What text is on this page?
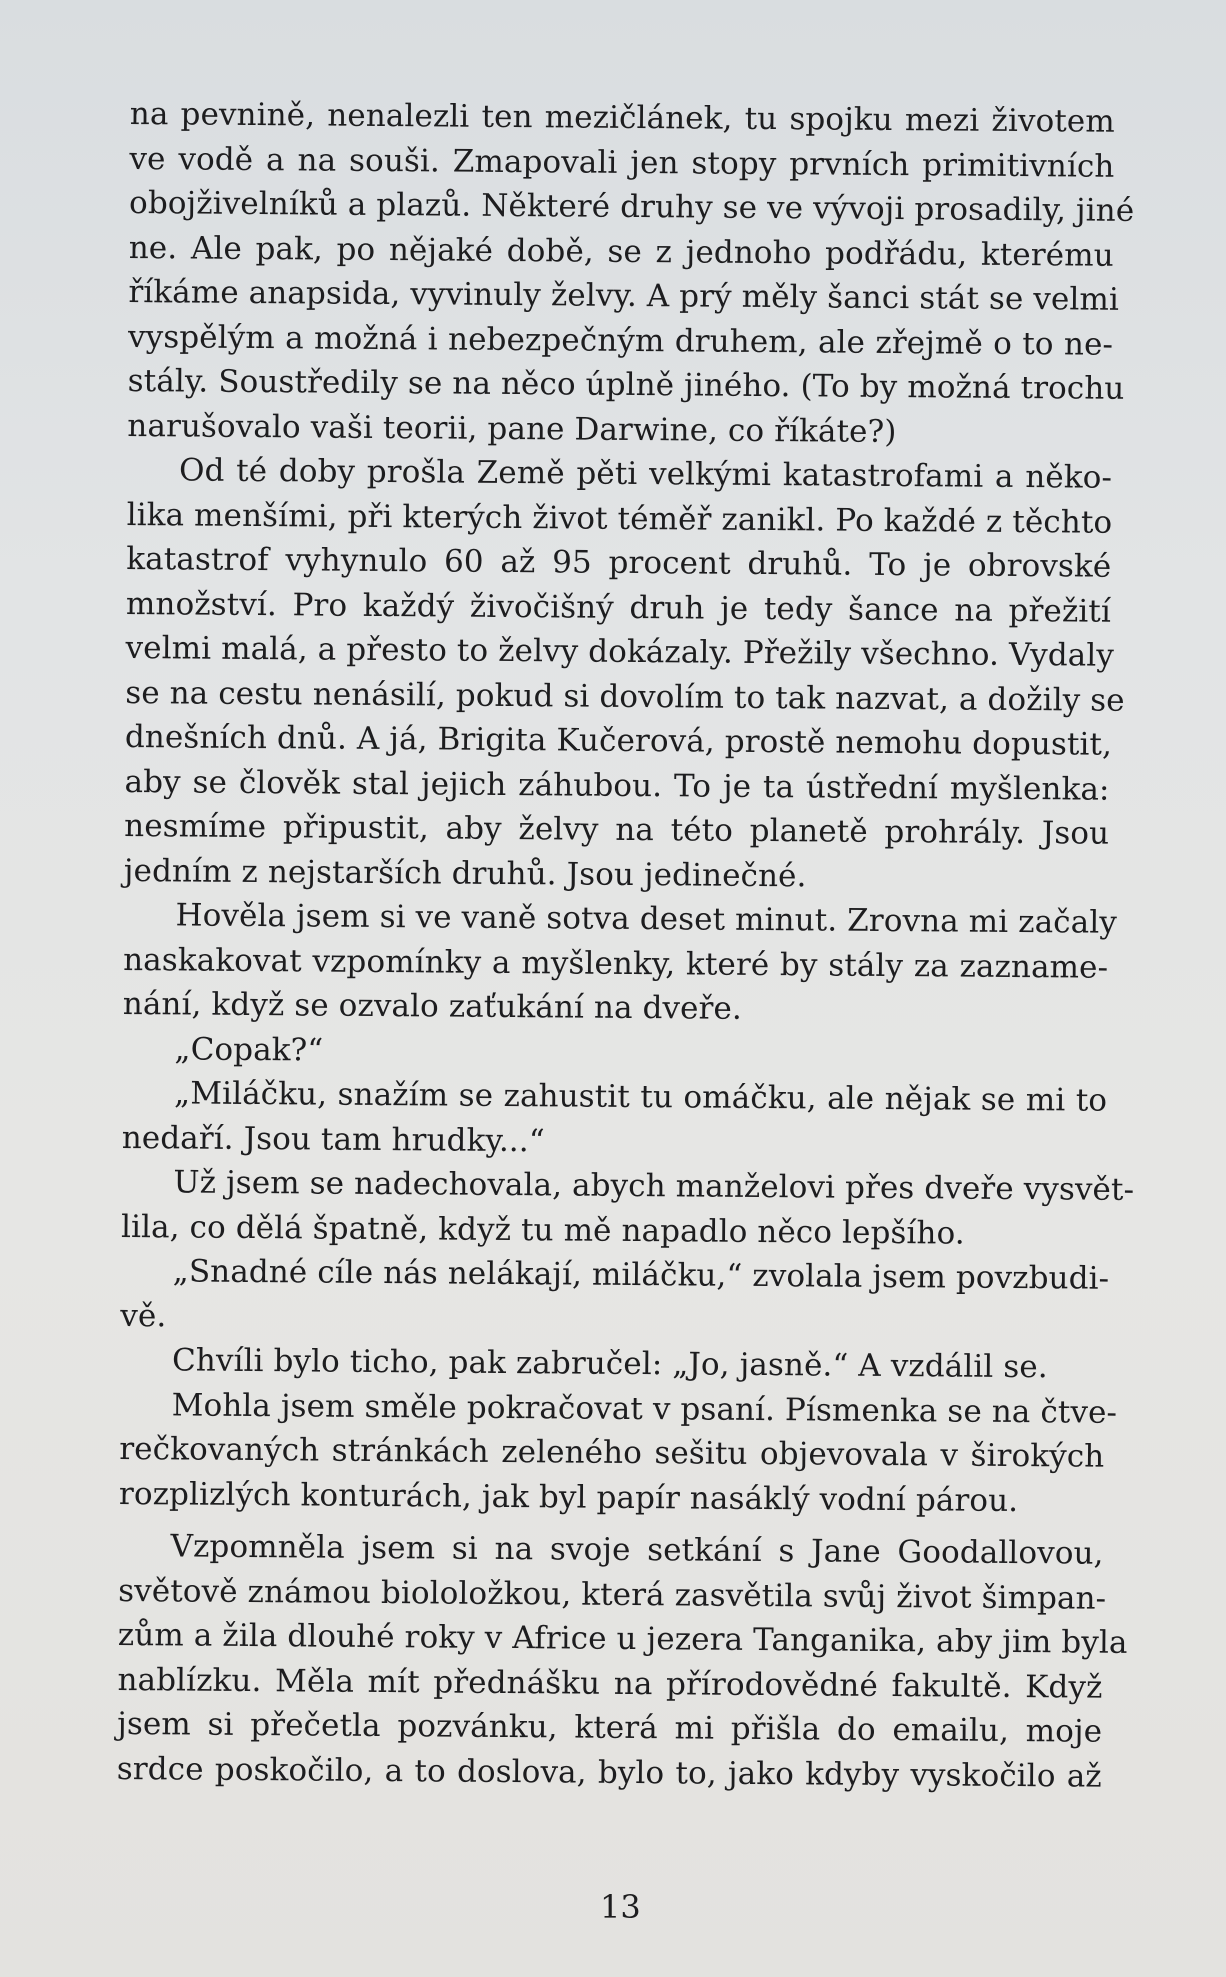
na pevnině, nenalezli ten mezičlánek, tu spojku mezi životem
ve vodě a na souši. Zmapovali jen stopy prvních primitivních
obojživelníků a plazů. Některé druhy se ve vývoji prosadily, jiné
ne. Ale pak, po nějaké době, se z jednoho podřádu, kterému
říkáme anapsida, vyvinuly želvy. A prý měly šanci stát se velmi
vyspělým a možná i nebezpečným druhem, ale zřejmě o to ne-
stály. Soustředily se na něco úplně jiného. (To by možná trochu
narušovalo vaši teorii, pane Darwine, co říkáte?)
Od té doby prošla Země pěti velkými katastrofami a něko-
lika menšími, při kterých život téměř zanikl. Po každé z těchto
katastrof vyhynulo 60 až 95 procent druhů. To je obrovské
množství. Pro každý živočišný druh je tedy šance na přežití
velmi malá, a přesto to želvy dokázaly. Přežily všechno. Vydaly
se na cestu nenásilí, pokud si dovolím to tak nazvat, a dožily se
dnešních dnů. A já, Brigita Kučerová, prostě nemohu dopustit,
aby se člověk stal jejich záhubou. To je ta ústřední myšlenka:
nesmíme připustit, aby želvy na této planetě prohrály. Jsou
jedním z nejstarších druhů. Jsou jedinečné.
Hověla jsem si ve vaně sotva deset minut. Zrovna mi začaly
naskakovat vzpomínky a myšlenky, které by stály za zazname-
nání, když se ozvalo zaťukání na dveře.
„Copak?“
„Miláčku, snažím se zahustit tu omáčku, ale nějak se mi to
nedaří. Jsou tam hrudky...“
Už jsem se nadechovala, abych manželovi přes dveře vysvět-
lila, co dělá špatně, když tu mě napadlo něco lepšího.
„Snadné cíle nás nelákají, miláčku,“ zvolala jsem povzbudi-
vě.
Chvíli bylo ticho, pak zabručel: „Jo, jasně.“ A vzdálil se.
Mohla jsem směle pokračovat v psaní. Písmenka se na čtve-
rečkovaných stránkách zeleného sešitu objevovala v širokých
rozplizlých konturách, jak byl papír nasáklý vodní párou.
Vzpomněla jsem si na svoje setkání s Jane Goodallovou,
světově známou biololožkou, která zasvětila svůj život šimpan-
zům a žila dlouhé roky v Africe u jezera Tanganika, aby jim byla
nablízku. Měla mít přednášku na přírodovědné fakultě. Když
jsem si přečetla pozvánku, která mi přišla do emailu, moje
srdce poskočilo, a to doslova, bylo to, jako kdyby vyskočilo až
13
